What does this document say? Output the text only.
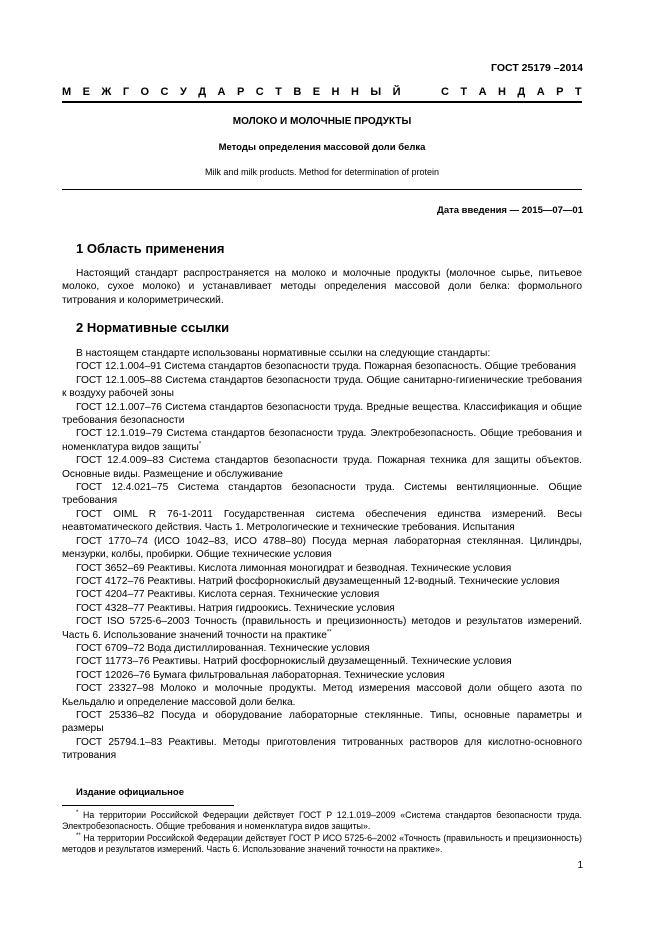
ГОСТ 25179 –2014
М Е Ж Г О С У Д А Р С Т В Е Н Н Ы Й

	С Т А Н Д А Р Т
МОЛОКО И МОЛОЧНЫЕ ПРОДУКТЫ
Методы определения массовой доли белка
Milk and milk products. Method for determination of protein
Дата введения — 2015—07—01
1 Область применения

Настоящий стандарт распространяется на молоко и молочные продукты (молочное сырье, питьевое молоко, сухое молоко) и устанавливает методы определения массовой доли белка: формольного титрования и колориметрический.

2 Нормативные ссылки

В настоящем стандарте использованы нормативные ссылки на следующие стандарты:

ГОСТ 12.1.004–91 Система стандартов безопасности труда. Пожарная безопасность. Общие требования

ГОСТ 12.1.005–88 Система стандартов безопасности труда. Общие санитарно-гигиенические требования к воздуху рабочей зоны

ГОСТ 12.1.007–76 Система стандартов безопасности труда. Вредные вещества. Классификация и общие требования безопасности

ГОСТ 12.1.019–79 Система стандартов безопасности труда. Электробезопасность. Общие требования и номенклатура видов защиты*

ГОСТ 12.4.009–83 Система стандартов безопасности труда. Пожарная техника для защиты объектов. Основные виды. Размещение и обслуживание

ГОСТ 12.4.021–75 Система стандартов безопасности труда. Системы вентиляционные. Общие требования

ГОСТ OIML R 76-1-2011 Государственная система обеспечения единства измерений. Весы неавтоматического действия. Часть 1. Метрологические и технические требования. Испытания

ГОСТ 1770–74 (ИСО 1042–83, ИСО 4788–80) Посуда мерная лабораторная стеклянная. Цилиндры, мензурки, колбы, пробирки. Общие технические условия

ГОСТ 3652–69 Реактивы. Кислота лимонная моногидрат и безводная. Технические условия

ГОСТ 4172–76 Реактивы. Натрий фосфорнокислый двузамещенный 12-водный. Технические условия

ГОСТ 4204–77 Реактивы. Кислота серная. Технические условия

ГОСТ 4328–77 Реактивы. Натрия гидроокись. Технические условия

ГОСТ ISO 5725-6–2003 Точность (правильность и прецизионность) методов и результатов измерений. Часть 6. Использование значений точности на практике**

ГОСТ 6709–72 Вода дистиллированная. Технические условия

ГОСТ 11773–76 Реактивы. Натрий фосфорнокислый двузамещенный. Технические условия

ГОСТ 12026–76 Бумага фильтровальная лабораторная. Технические условия

ГОСТ 23327–98 Молоко и молочные продукты. Метод измерения массовой доли общего азота по Кьельдалю и определение массовой доли белка.

ГОСТ 25336–82 Посуда и оборудование лабораторные стеклянные. Типы, основные параметры и размеры

ГОСТ 25794.1–83 Реактивы. Методы приготовления титрованных растворов для кислотно-основного титрования

Издание официальное

* На территории Российской Федерации действует ГОСТ Р 12.1.019–2009 «Система стандартов безопасности труда. Электробезопасность. Общие требования и номенклатура видов защиты».

** На территории Российской Федерации действует ГОСТ Р ИСО 5725-6–2002 «Точность (правильность и прецизионность) методов и результатов измерений. Часть 6. Использование значений точности на практике».

1
